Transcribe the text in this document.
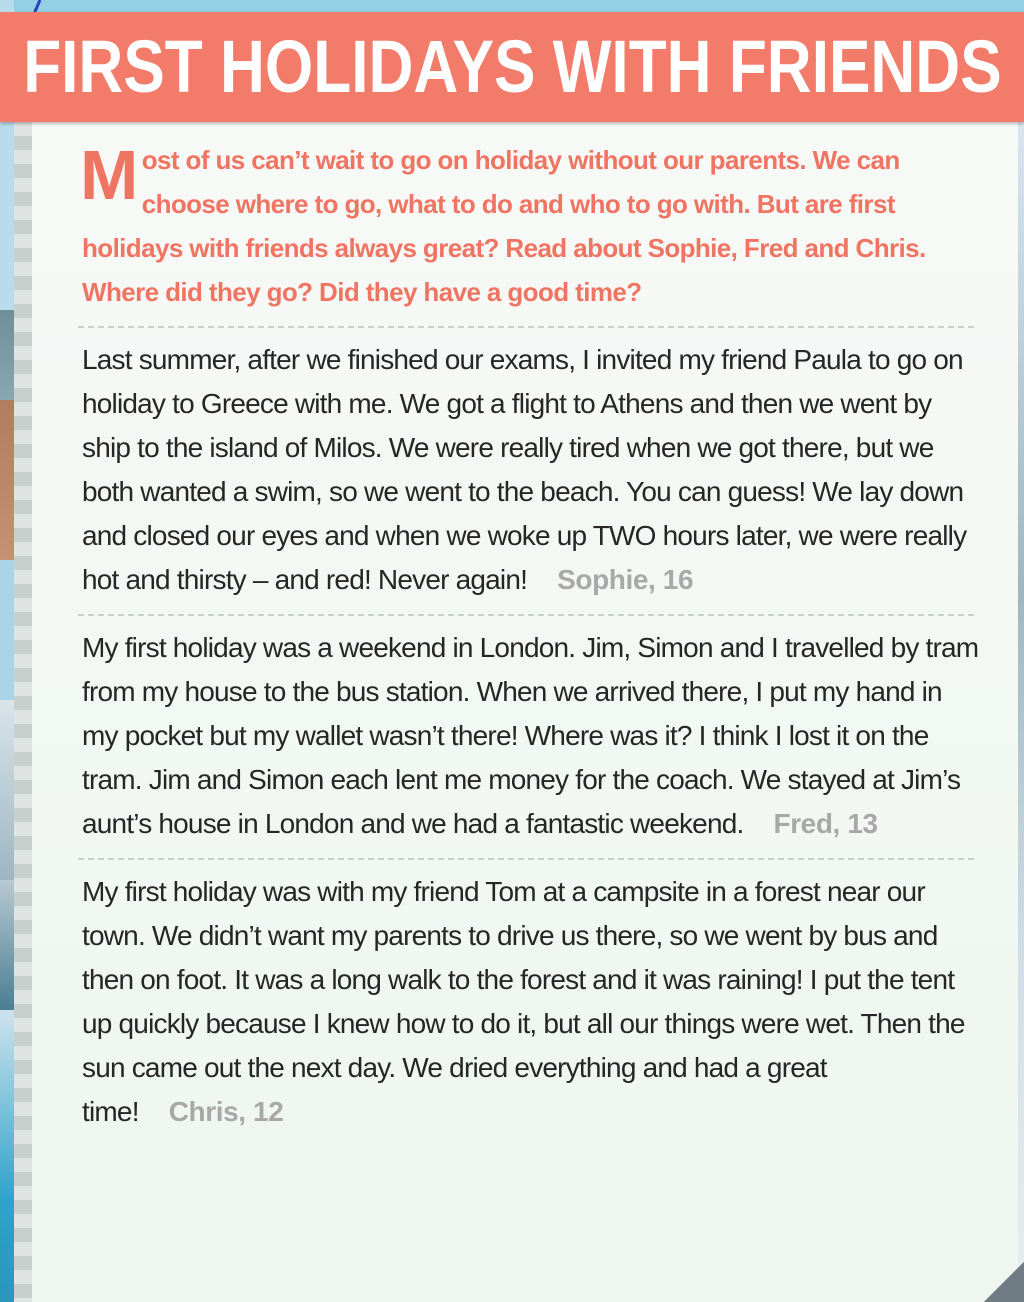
FIRST HOLIDAYS WITH FRIENDS

Most of us can’t wait to go on holiday without our parents. We can choose where to go, what to do and who to go with. But are first holidays with friends always great? Read about Sophie, Fred and Chris. Where did they go? Did they have a good time?

Last summer, after we finished our exams, I invited my friend Paula to go on holiday to Greece with me. We got a flight to Athens and then we went by ship to the island of Milos. We were really tired when we got there, but we both wanted a swim, so we went to the beach. You can guess! We lay down and closed our eyes and when we woke up TWO hours later, we were really hot and thirsty – and red! Never again! Sophie, 16

My first holiday was a weekend in London. Jim, Simon and I travelled by tram from my house to the bus station. When we arrived there, I put my hand in my pocket but my wallet wasn’t there! Where was it? I think I lost it on the tram. Jim and Simon each lent me money for the coach. We stayed at Jim’s aunt’s house in London and we had a fantastic weekend. Fred, 13

My first holiday was with my friend Tom at a campsite in a forest near our town. We didn’t want my parents to drive us there, so we went by bus and then on foot. It was a long walk to the forest and it was raining! I put the tent up quickly because I knew how to do it, but all our things were wet. Then the sun came out the next day. We dried everything and had a great time! Chris, 12
